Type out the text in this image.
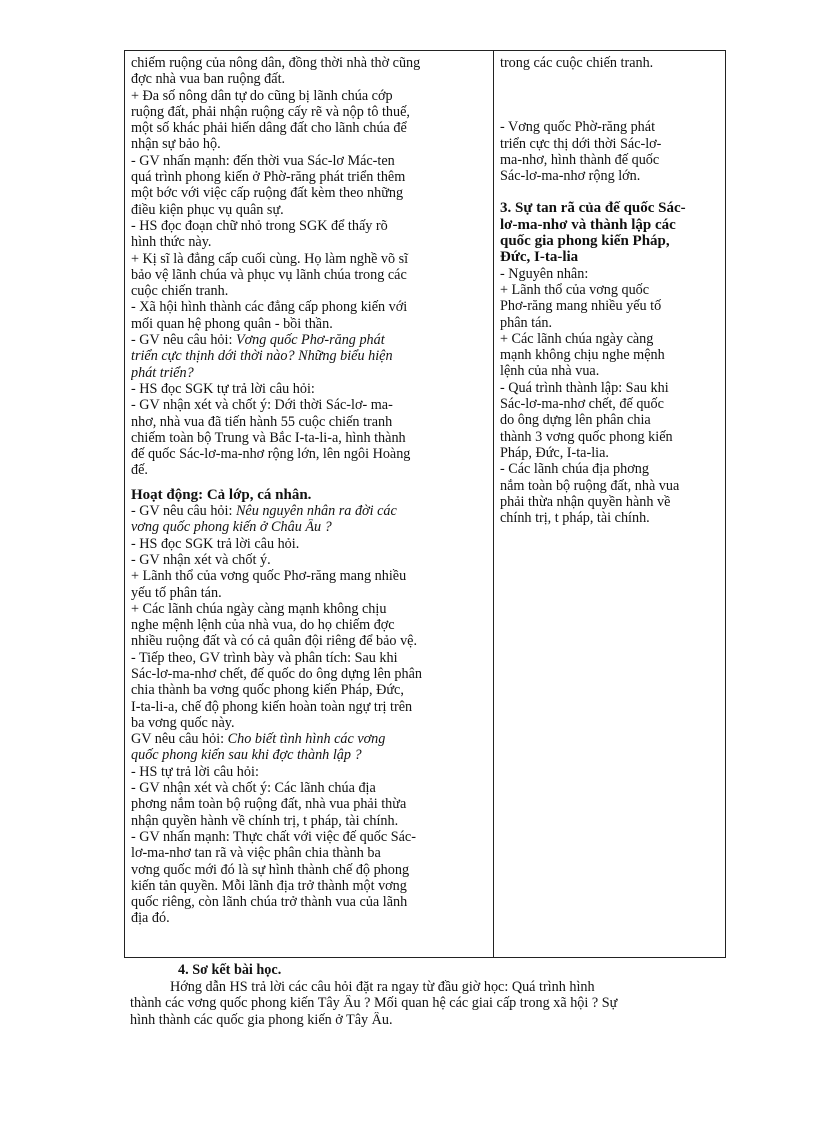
chiếm ruộng của nông dân, đồng thời nhà thờ cũng
đợc nhà vua ban ruộng đất.
+ Đa số nông dân tự do cũng bị lãnh chúa cớp
ruộng đất, phải nhận ruộng cấy rẽ và nộp tô thuế,
một số khác phải hiến dâng đất cho lãnh chúa để
nhận sự bảo hộ.
- GV nhấn mạnh: đến thời vua Sác-lơ Mác-ten
quá trình phong kiến ở Phờ-răng phát triển thêm
một bớc với việc cấp ruộng đất kèm theo những
điều kiện phục vụ quân sự.
- HS đọc đoạn chữ nhỏ trong SGK để thấy rõ
hình thức này.
+ Kị sĩ là đẳng cấp cuối cùng. Họ làm nghề võ sĩ
bảo vệ lãnh chúa và phục vụ lãnh chúa trong các
cuộc chiến tranh.
- Xã hội hình thành các đẳng cấp phong kiến với
mối quan hệ phong quân - bồi thần.
- GV nêu câu hỏi: Vơng quốc Phơ-răng phát
triển cực thịnh dới thời nào? Những biểu hiện
phát triển?
- HS đọc SGK tự trả lời câu hỏi:
- GV nhận xét và chốt ý: Dới thời Sác-lơ- ma-
nhơ, nhà vua đã tiến hành 55 cuộc chiến tranh
chiếm toàn bộ Trung và Bắc I-ta-li-a, hình thành
đế quốc Sác-lơ-ma-nhơ rộng lớn, lên ngôi Hoàng
đế.
Hoạt động: Cả lớp, cá nhân.
- GV nêu câu hỏi: Nêu nguyên nhân ra đời các
vơng quốc phong kiến ở Châu Âu ?
- HS đọc SGK trả lời câu hỏi.
- GV nhận xét và chốt ý.
+ Lãnh thổ của vơng quốc Phơ-răng mang nhiều
yếu tố phân tán.
+ Các lãnh chúa ngày càng mạnh không chịu
nghe mệnh lệnh của nhà vua, do họ chiếm đợc
nhiều ruộng đất và có cả quân đội riêng để bảo vệ.
- Tiếp theo, GV trình bày và phân tích: Sau khi
Sác-lơ-ma-nhơ chết, đế quốc do ông dựng lên phân
chia thành ba vơng quốc phong kiến Pháp, Đức,
I-ta-li-a, chế độ phong kiến hoàn toàn ngự trị trên
ba vơng quốc này.
GV nêu câu hỏi: Cho biết tình hình các vơng
quốc phong kiến sau khi đợc thành lập ?
- HS tự trả lời câu hỏi:
- GV nhận xét và chốt ý: Các lãnh chúa địa
phơng nắm toàn bộ ruộng đất, nhà vua phải thừa
nhận quyền hành về chính trị, t pháp, tài chính.
- GV nhấn mạnh: Thực chất với việc đế quốc Sác-
lơ-ma-nhơ tan rã và việc phân chia thành ba
vơng quốc mới đó là sự hình thành chế độ phong
kiến tản quyền. Mỗi lãnh địa trở thành một vơng
quốc riêng, còn lãnh chúa trở thành vua của lãnh
địa đó.
trong các cuộc chiến tranh.
- Vơng quốc Phờ-răng phát
triển cực thị dới thời Sác-lơ-
ma-nhơ, hình thành đế quốc
Sác-lơ-ma-nhơ rộng lớn.
3. Sự tan rã của đế quốc Sác-
lơ-ma-nhơ và thành lập các
quốc gia phong kiến Pháp,
Đức, I-ta-lia
- Nguyên nhân:
+ Lãnh thổ của vơng quốc
Phơ-răng mang nhiều yếu tố
phân tán.
+ Các lãnh chúa ngày càng
mạnh không chịu nghe mệnh
lệnh của nhà vua.
- Quá trình thành lập: Sau khi
Sác-lơ-ma-nhơ chết, đế quốc
do ông dựng lên phân chia
thành 3 vơng quốc phong kiến
Pháp, Đức, I-ta-lia.
- Các lãnh chúa địa phơng
nắm toàn bộ ruộng đất, nhà vua
phải thừa nhận quyền hành về
chính trị, t pháp, tài chính.
4. Sơ kết bài học.
Hớng dẫn HS trả lời các câu hỏi đặt ra ngay từ đầu giờ học: Quá trình hình
thành các vơng quốc phong kiến Tây Âu ? Mối quan hệ các giai cấp trong xã hội ? Sự
hình thành các quốc gia phong kiến ở Tây Âu.
